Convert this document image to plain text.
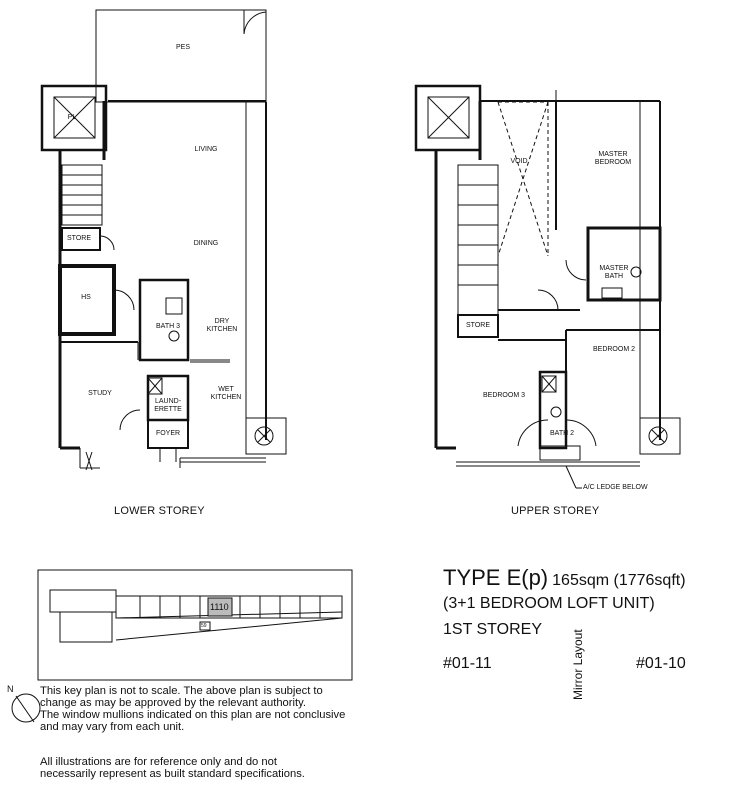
PES
PL
LIVING
DINING
STORE
HS
DRY
KITCHEN
BATH 3
STUDY
WET
KITCHEN
LAUND-
ERETTE
FOYER
LOWER STOREY
VOID
MASTER
BEDROOM
MASTER
BATH
STORE
BEDROOM 2
BEDROOM 3
BATH 2
A/C LEDGE BELOW
UPPER STOREY
1110
59
TYPE E(p) 165sqm (1776sqft)
(3+1 BEDROOM LOFT UNIT)
1ST STOREY
#01-11	#01-10
Mirror Layout
N This key plan is not to scale. The above plan is subject to
change as may be approved by the relevant authority.
The window mullions indicated on this plan are not conclusive
and may vary from each unit.
All illustrations are for reference only and do not
necessarily represent as built standard specifications.
